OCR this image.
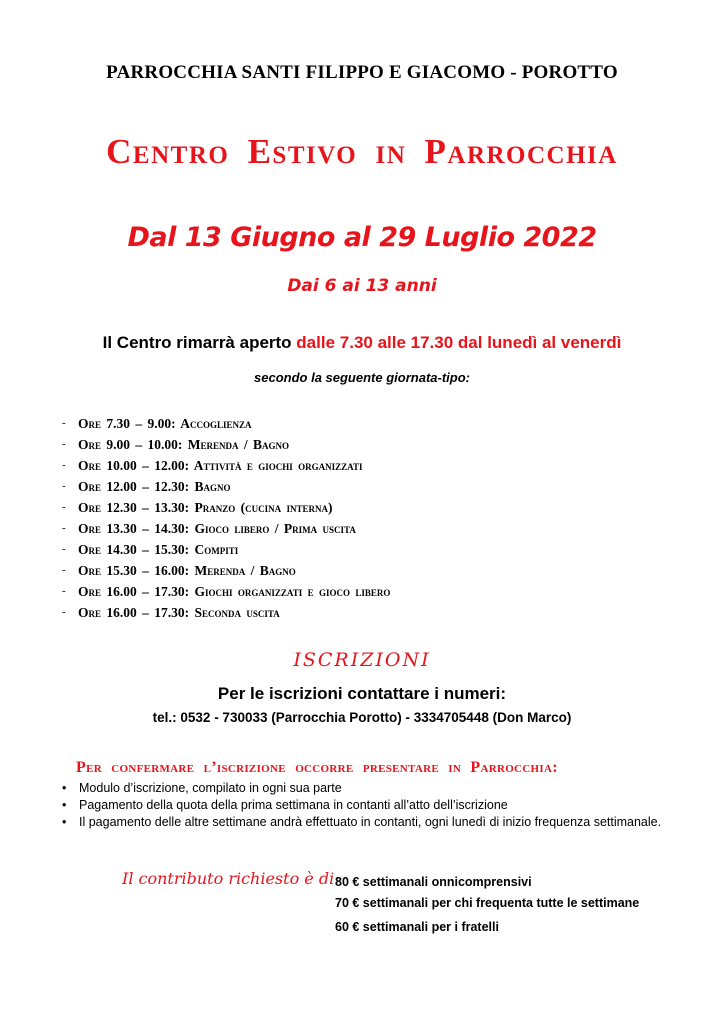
PARROCCHIA SANTI FILIPPO E GIACOMO - POROTTO
Centro Estivo in Parrocchia
Dal 13 Giugno al 29 Luglio 2022
Dai 6 ai 13 anni
Il Centro rimarrà aperto dalle 7.30 alle 17.30 dal lunedì al venerdì
secondo la seguente giornata-tipo:
- Ore 7.30 – 9.00: Accoglienza
- Ore 9.00 – 10.00: Merenda / Bagno
- Ore 10.00 – 12.00: Attività e giochi organizzati
- Ore 12.00 – 12.30: Bagno
- Ore 12.30 – 13.30: Pranzo (cucina interna)
- Ore 13.30 – 14.30: Gioco libero / Prima uscita
- Ore 14.30 – 15.30: Compiti
- Ore 15.30 – 16.00: Merenda / Bagno
- Ore 16.00 – 17.30: Giochi organizzati e gioco libero
- Ore 16.00 – 17.30: Seconda uscita
ISCRIZIONI
Per le iscrizioni contattare i numeri:
tel.: 0532 - 730033 (Parrocchia Porotto) - 3334705448 (Don Marco)
Per confermare l’iscrizione occorre presentare in Parrocchia:
• Modulo d’iscrizione, compilato in ogni sua parte
• Pagamento della quota della prima settimana in contanti all’atto dell’iscrizione
• Il pagamento delle altre settimane andrà effettuato in contanti, ogni lunedì di inizio frequenza settimanale.
Il contributo richiesto è di:
80 € settimanali onnicomprensivi
70 € settimanali per chi frequenta tutte le settimane
60 € settimanali per i fratelli
